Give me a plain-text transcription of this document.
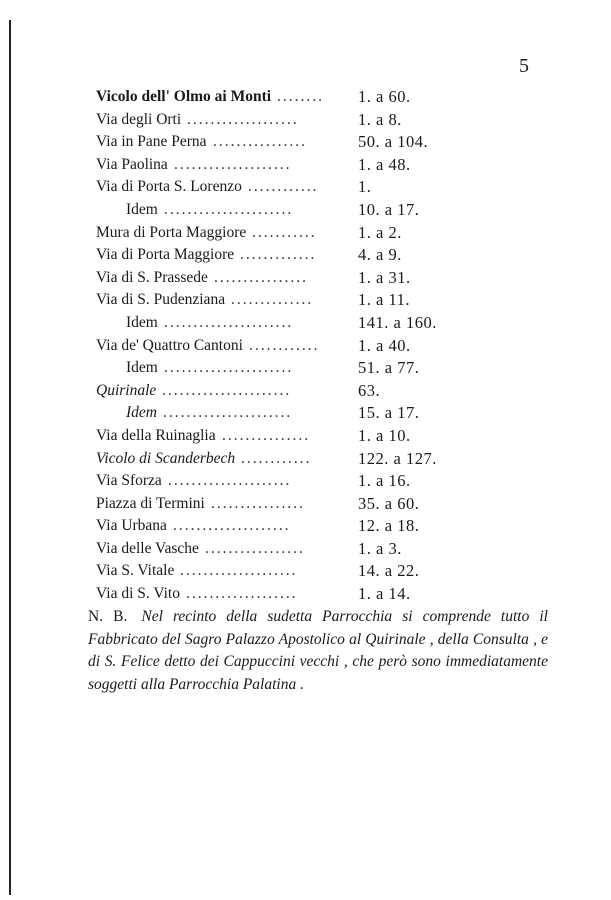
5
Vicolo dell' Olmo ai Monti ........ 1. a 60.
Via degli Orti ...................	1. a 8.
Via in Pane Perna ................	50. a 104.
Via Paolina ....................	1. a 48.
Via di Porta S. Lorenzo ............ 1.
Idem ......................	10. a 17.
Mura di Porta Maggiore ...........	1. a 2.
Via di Porta Maggiore .............	4. a 9.
Via di S. Prassede ................	1. a 31.
Via di S. Pudenziana ..............	1. a 11.
Idem ......................	141. a 160.
Via de' Quattro Cantoni ............ 1. a 40.
Idem ......................	51. a 77.
Quirinale ......................	63.
Idem ......................	15. a 17.
Via della Ruinaglia ...............	1. a 10.
Vicolo di Scanderbech ............	122. a 127.
Via Sforza .....................	1. a 16.
Piazza di Termini ................	35. a 60.
Via Urbana ....................	12. a 18.
Via delle Vasche .................	1. a 3.
Via S. Vitale ....................	14. a 22.
Via di S. Vito ...................	1. a 14.
N. B. Nel recinto della sudetta Parrocchia si comprende tutto il Fabbricato del Sagro Palazzo Apostolico al Quirinale , della Consulta , e di S. Felice detto dei Cappuccini vecchi , che però sono immediatamente soggetti alla Parrocchia Palatina .
